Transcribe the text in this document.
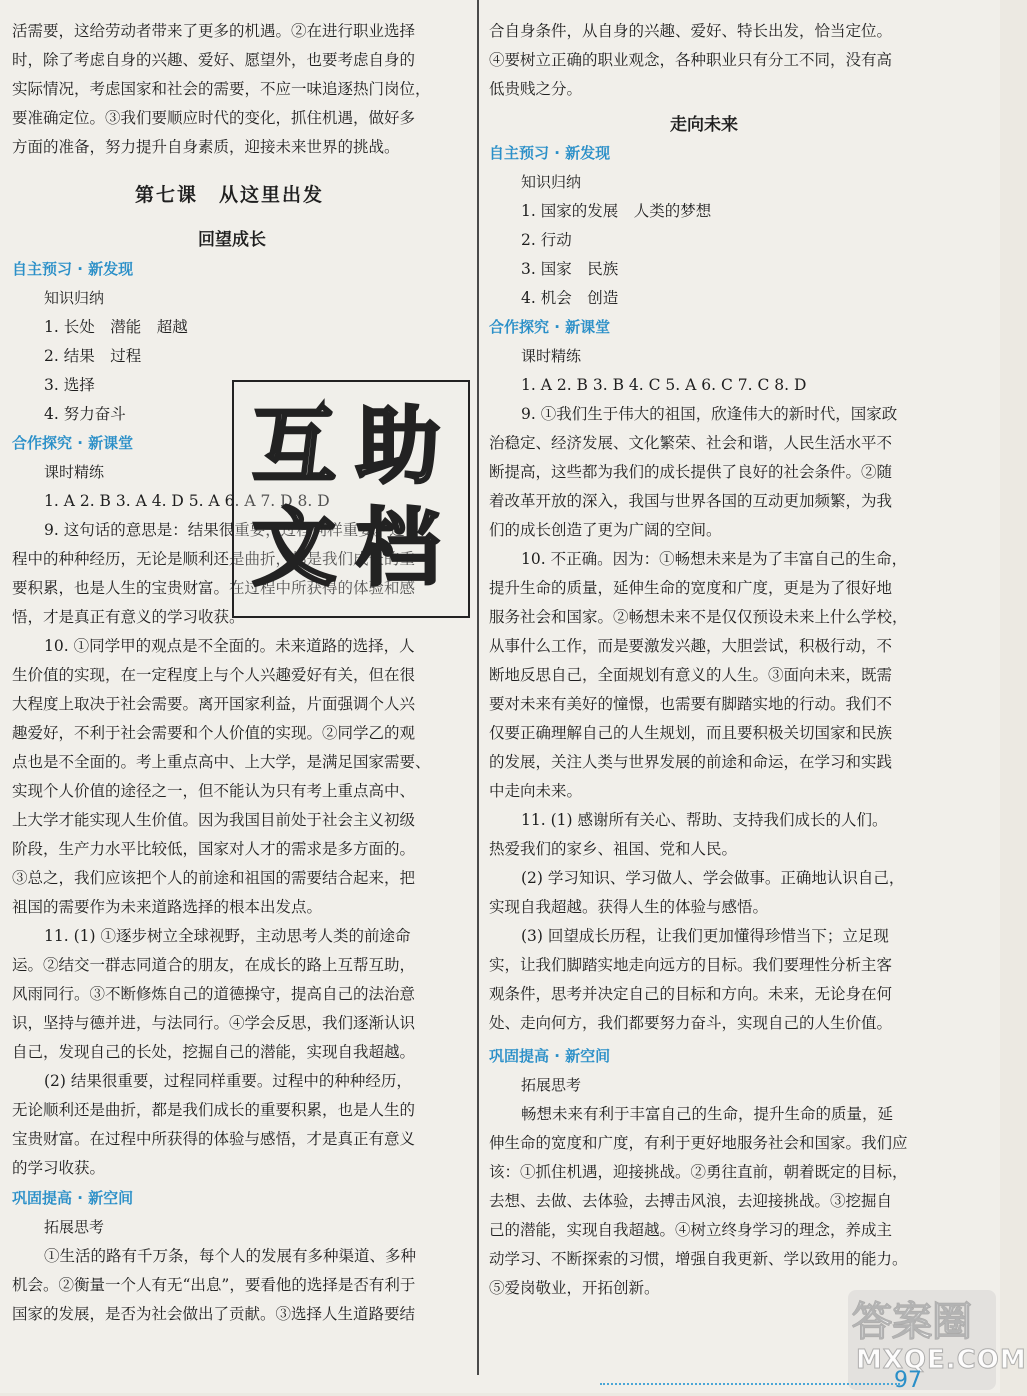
活需要，这给劳动者带来了更多的机遇。②在进行职业选择
时，除了考虑自身的兴趣、爱好、愿望外，也要考虑自身的
实际情况，考虑国家和社会的需要，不应一味追逐热门岗位，
要准确定位。③我们要顺应时代的变化，抓住机遇，做好多
方面的准备，努力提升自身素质，迎接未来世界的挑战。
第七课　从这里出发
回望成长
自主预习 · 新发现
知识归纳
1. 长处　潜能　超越
2. 结果　过程
3. 选择
4. 努力奋斗
合作探究 · 新课堂
课时精练
1. A 2. B 3. A 4. D 5. A 6. A 7. D 8. D
9. 这句话的意思是：结果很重要，过程同样重要。过
程中的种种经历，无论是顺利还是曲折，都是我们成长的重
要积累，也是人生的宝贵财富。在过程中所获得的体验和感
悟，才是真正有意义的学习收获。
10. ①同学甲的观点是不全面的。未来道路的选择，人
生价值的实现，在一定程度上与个人兴趣爱好有关，但在很
大程度上取决于社会需要。离开国家利益，片面强调个人兴
趣爱好，不利于社会需要和个人价值的实现。②同学乙的观
点也是不全面的。考上重点高中、上大学，是满足国家需要、
实现个人价值的途径之一，但不能认为只有考上重点高中、
上大学才能实现人生价值。因为我国目前处于社会主义初级
阶段，生产力水平比较低，国家对人才的需求是多方面的。
③总之，我们应该把个人的前途和祖国的需要结合起来，把
祖国的需要作为未来道路选择的根本出发点。
11. (1) ①逐步树立全球视野，主动思考人类的前途命
运。②结交一群志同道合的朋友，在成长的路上互帮互助，
风雨同行。③不断修炼自己的道德操守，提高自己的法治意
识，坚持与德并进，与法同行。④学会反思，我们逐渐认识
自己，发现自己的长处，挖掘自己的潜能，实现自我超越。
(2) 结果很重要，过程同样重要。过程中的种种经历，
无论顺利还是曲折，都是我们成长的重要积累，也是人生的
宝贵财富。在过程中所获得的体验与感悟，才是真正有意义
的学习收获。
巩固提高 · 新空间
拓展思考
①生活的路有千万条，每个人的发展有多种渠道、多种
机会。②衡量一个人有无“出息”，要看他的选择是否有利于
国家的发展，是否为社会做出了贡献。③选择人生道路要结
合自身条件，从自身的兴趣、爱好、特长出发，恰当定位。
④要树立正确的职业观念，各种职业只有分工不同，没有高
低贵贱之分。
走向未来
自主预习 · 新发现
知识归纳
1. 国家的发展　人类的梦想
2. 行动
3. 国家　民族
4. 机会　创造
合作探究 · 新课堂
课时精练
1. A 2. B 3. B 4. C 5. A 6. C 7. C 8. D
9. ①我们生于伟大的祖国，欣逢伟大的新时代，国家政
治稳定、经济发展、文化繁荣、社会和谐，人民生活水平不
断提高，这些都为我们的成长提供了良好的社会条件。②随
着改革开放的深入，我国与世界各国的互动更加频繁，为我
们的成长创造了更为广阔的空间。
10. 不正确。因为：①畅想未来是为了丰富自己的生命，
提升生命的质量，延伸生命的宽度和广度，更是为了很好地
服务社会和国家。②畅想未来不是仅仅预设未来上什么学校，
从事什么工作，而是要激发兴趣，大胆尝试，积极行动，不
断地反思自己，全面规划有意义的人生。③面向未来，既需
要对未来有美好的憧憬，也需要有脚踏实地的行动。我们不
仅要正确理解自己的人生规划，而且要积极关切国家和民族
的发展，关注人类与世界发展的前途和命运，在学习和实践
中走向未来。
11. (1) 感谢所有关心、帮助、支持我们成长的人们。
热爱我们的家乡、祖国、党和人民。
(2) 学习知识、学习做人、学会做事。正确地认识自己，
实现自我超越。获得人生的体验与感悟。
(3) 回望成长历程，让我们更加懂得珍惜当下；立足现
实，让我们脚踏实地走向远方的目标。我们要理性分析主客
观条件，思考并决定自己的目标和方向。未来，无论身在何
处、走向何方，我们都要努力奋斗，实现自己的人生价值。
巩固提高 · 新空间
拓展思考
畅想未来有利于丰富自己的生命，提升生命的质量，延
伸生命的宽度和广度，有利于更好地服务社会和国家。我们应
该：①抓住机遇，迎接挑战。②勇往直前，朝着既定的目标，
去想、去做、去体验，去搏击风浪，去迎接挑战。③挖掘自
己的潜能，实现自我超越。④树立终身学习的理念，养成主
动学习、不断探索的习惯，增强自我更新、学以致用的能力。
⑤爱岗敬业，开拓创新。
互 助
文 档
答案圈
MXQE.COM
97
